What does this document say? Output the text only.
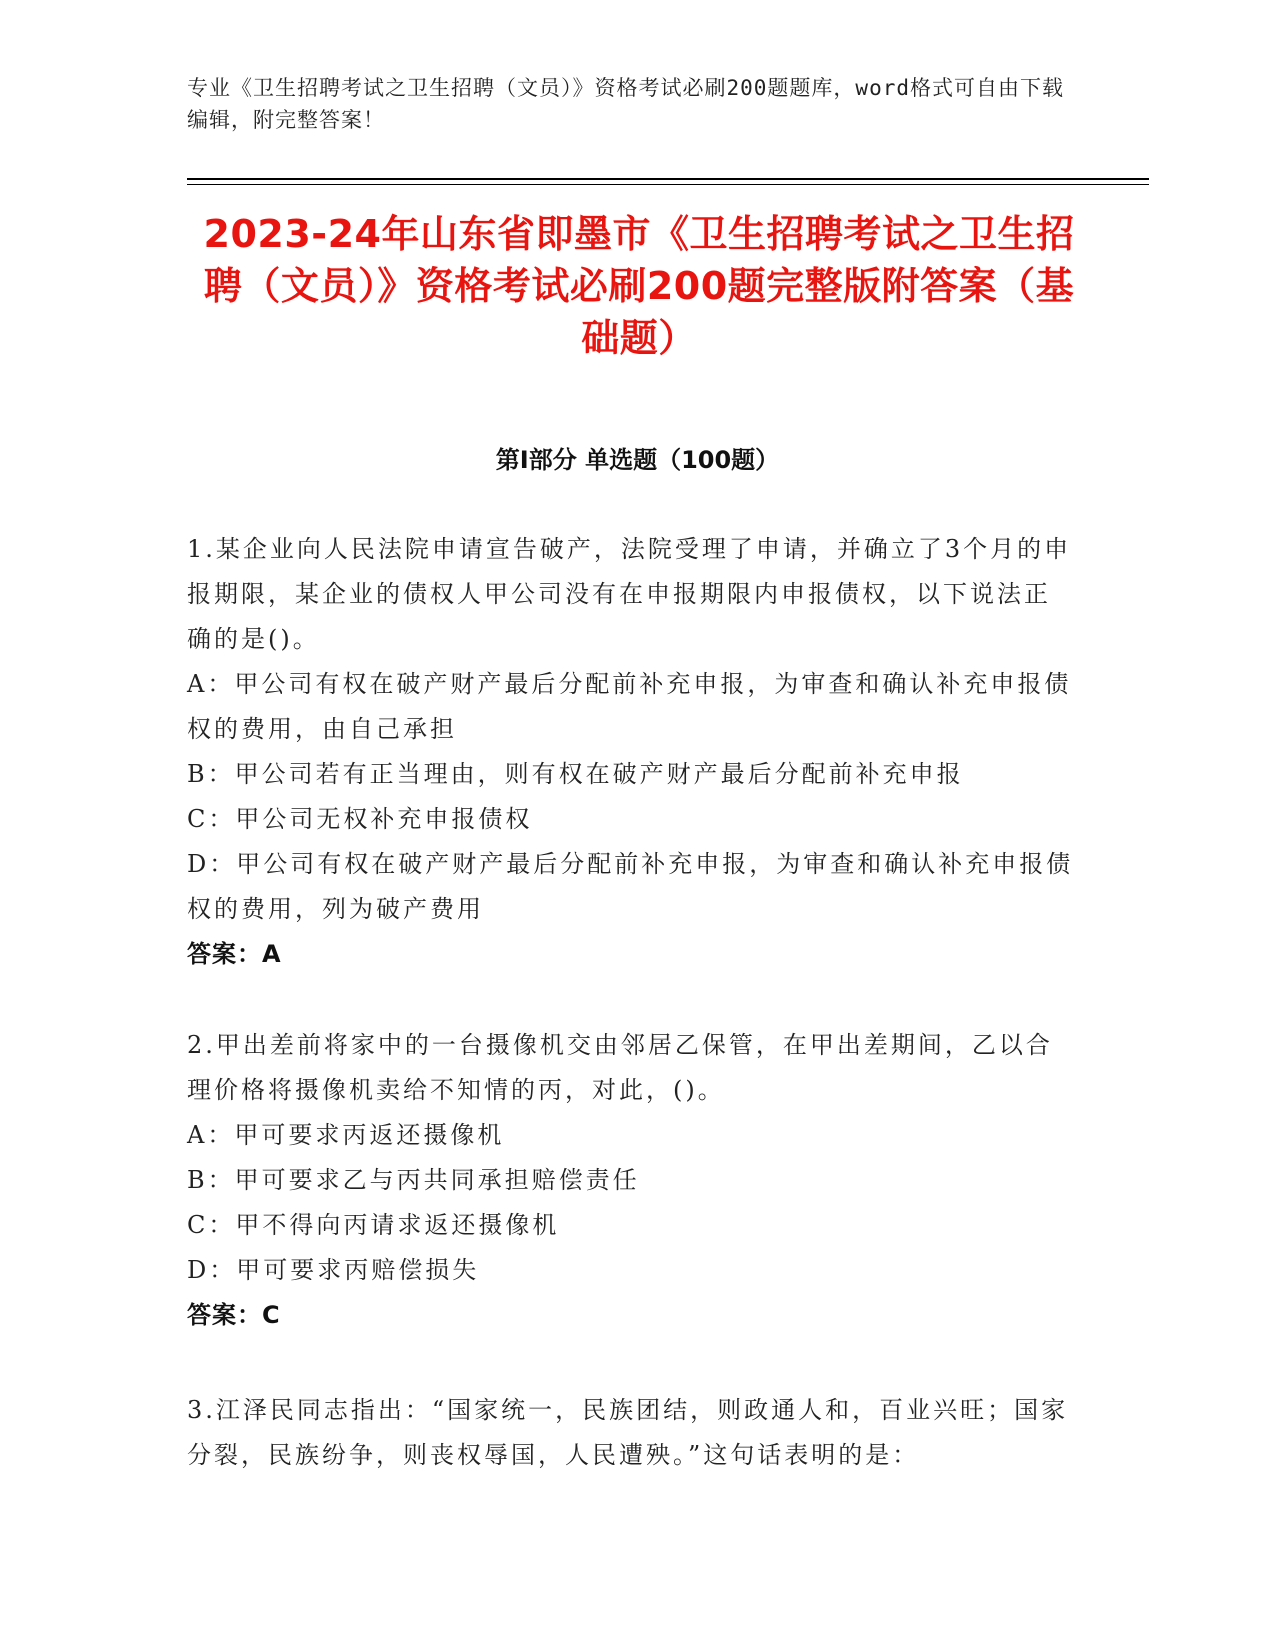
专业《卫生招聘考试之卫生招聘（文员）》资格考试必刷200题题库，word格式可自由下载编辑，附完整答案！
2023-24年山东省即墨市《卫生招聘考试之卫生招聘（文员）》资格考试必刷200题完整版附答案（基础题）
第Ⅰ部分 单选题（100题）

1.某企业向人民法院申请宣告破产，法院受理了申请，并确立了3个月的申报期限，某企业的债权人甲公司没有在申报期限内申报债权，以下说法正确的是()。

A：甲公司有权在破产财产最后分配前补充申报，为审查和确认补充申报债权的费用，由自己承担

B：甲公司若有正当理由，则有权在破产财产最后分配前补充申报

C：甲公司无权补充申报债权

D：甲公司有权在破产财产最后分配前补充申报，为审查和确认补充申报债权的费用，列为破产费用

答案：A

2.甲出差前将家中的一台摄像机交由邻居乙保管，在甲出差期间，乙以合理价格将摄像机卖给不知情的丙，对此，()。

A：甲可要求丙返还摄像机

B：甲可要求乙与丙共同承担赔偿责任

C：甲不得向丙请求返还摄像机

D：甲可要求丙赔偿损失

答案：C

3.江泽民同志指出：“国家统一，民族团结，则政通人和，百业兴旺；国家分裂，民族纷争，则丧权辱国，人民遭殃。”这句话表明的是：
